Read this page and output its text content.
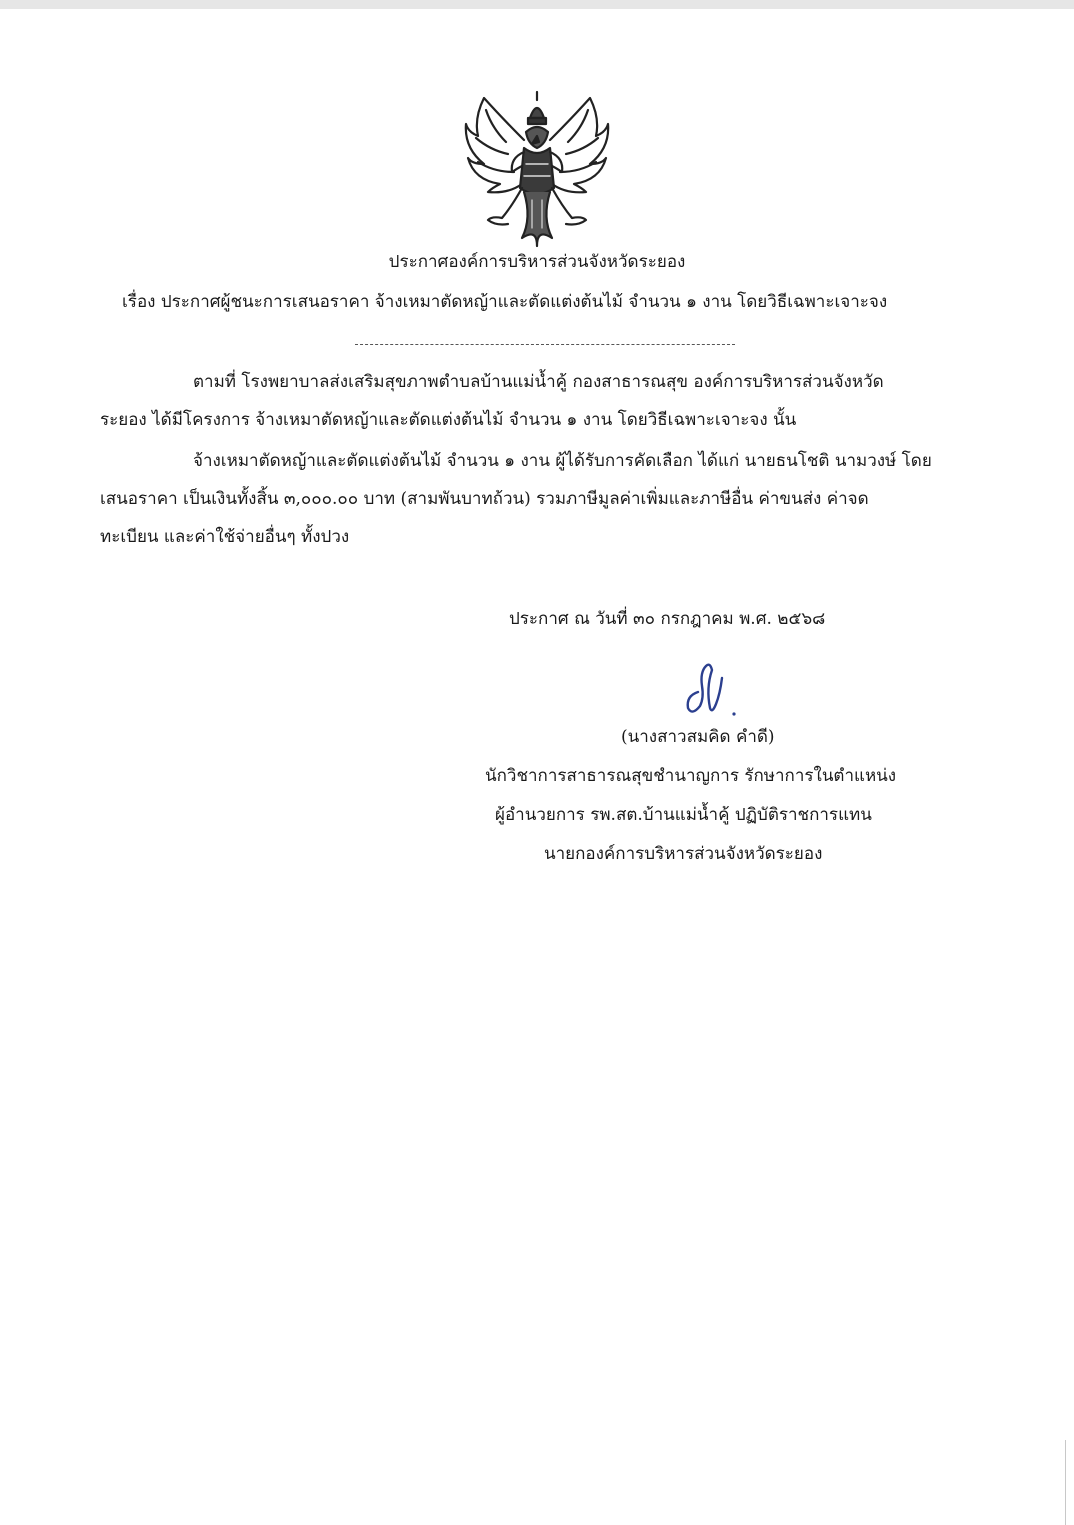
ประกาศองค์การบริหารส่วนจังหวัดระยอง
เรื่อง ประกาศผู้ชนะการเสนอราคา จ้างเหมาตัดหญ้าและตัดแต่งต้นไม้ จำนวน ๑ งาน โดยวิธีเฉพาะเจาะจง
ตามที่ โรงพยาบาลส่งเสริมสุขภาพตำบลบ้านแม่น้ำคู้ กองสาธารณสุข องค์การบริหารส่วนจังหวัด
ระยอง ได้มีโครงการ จ้างเหมาตัดหญ้าและตัดแต่งต้นไม้ จำนวน ๑ งาน โดยวิธีเฉพาะเจาะจง นั้น
จ้างเหมาตัดหญ้าและตัดแต่งต้นไม้ จำนวน ๑ งาน ผู้ได้รับการคัดเลือก ได้แก่ นายธนโชติ นามวงษ์ โดย
เสนอราคา เป็นเงินทั้งสิ้น ๓,๐๐๐.๐๐ บาท (สามพันบาทถ้วน) รวมภาษีมูลค่าเพิ่มและภาษีอื่น ค่าขนส่ง ค่าจด
ทะเบียน และค่าใช้จ่ายอื่นๆ ทั้งปวง
ประกาศ ณ วันที่ ๓๐ กรกฎาคม พ.ศ. ๒๕๖๘
(นางสาวสมคิด คำดี)
นักวิชาการสาธารณสุขชำนาญการ รักษาการในตำแหน่ง
ผู้อำนวยการ รพ.สต.บ้านแม่น้ำคู้ ปฏิบัติราชการแทน
นายกองค์การบริหารส่วนจังหวัดระยอง
